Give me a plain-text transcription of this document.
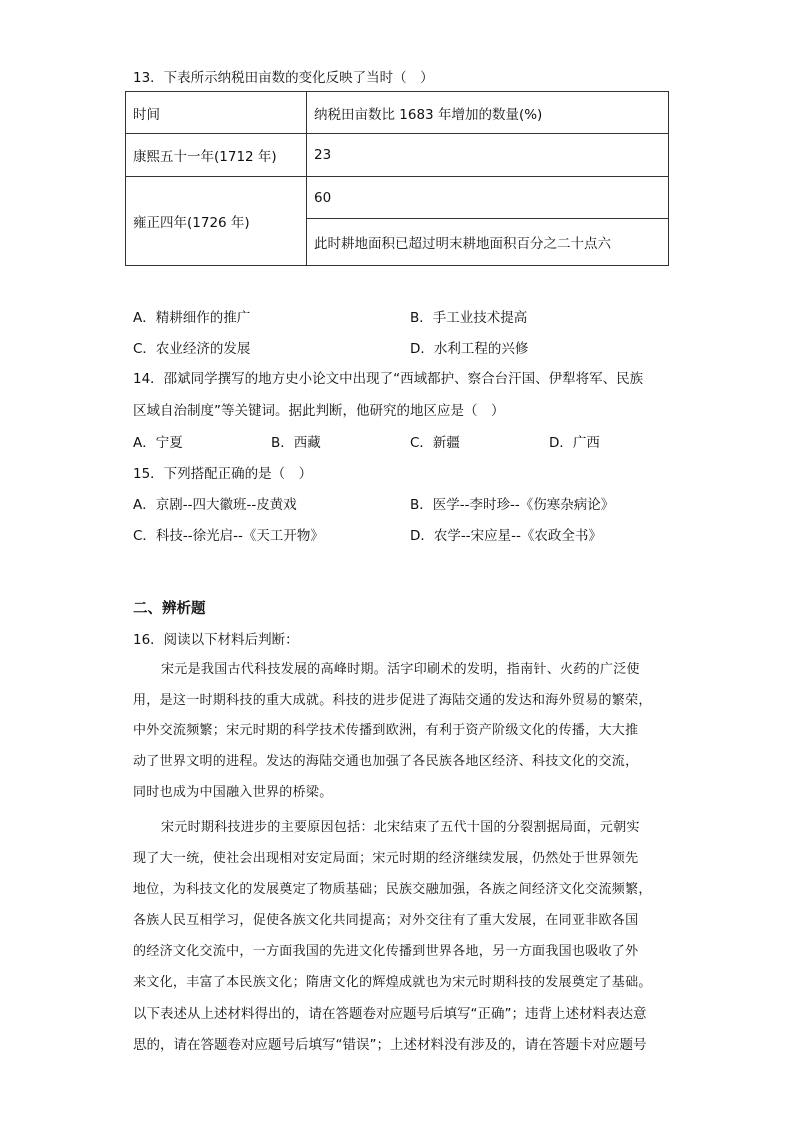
13．下表所示纳税田亩数的变化反映了当时（　）
时间	纳税田亩数比 1683 年增加的数量(%)
康熙五十一年(1712 年)	23
雍正四年(1726 年)	60
	此时耕地面积已超过明末耕地面积百分之二十点六
A．精耕细作的推广	B．手工业技术提高
C．农业经济的发展	D．水利工程的兴修
14．邵斌同学撰写的地方史小论文中出现了“西域都护、察合台汗国、伊犁将军、民族
区域自治制度”等关键词。据此判断，他研究的地区应是（　）
A．宁夏	B．西藏	C．新疆	D．广西
15．下列搭配正确的是（　）
A．京剧--四大徽班--皮黄戏	B．医学--李时珍--《伤寒杂病论》
C．科技--徐光启--《天工开物》	D．农学--宋应星--《农政全书》
二、辨析题
16．阅读以下材料后判断：
宋元是我国古代科技发展的高峰时期。活字印刷术的发明，指南针、火药的广泛使
用，是这一时期科技的重大成就。科技的进步促进了海陆交通的发达和海外贸易的繁荣，
中外交流频繁；宋元时期的科学技术传播到欧洲，有利于资产阶级文化的传播，大大推
动了世界文明的进程。发达的海陆交通也加强了各民族各地区经济、科技文化的交流，
同时也成为中国融入世界的桥梁。
宋元时期科技进步的主要原因包括：北宋结束了五代十国的分裂割据局面，元朝实
现了大一统，使社会出现相对安定局面；宋元时期的经济继续发展，仍然处于世界领先
地位，为科技文化的发展奠定了物质基础；民族交融加强，各族之间经济文化交流频繁，
各族人民互相学习，促使各族文化共同提高；对外交往有了重大发展，在同亚非欧各国
的经济文化交流中，一方面我国的先进文化传播到世界各地，另一方面我国也吸收了外
来文化，丰富了本民族文化；隋唐文化的辉煌成就也为宋元时期科技的发展奠定了基础。
以下表述从上述材料得出的，请在答题卷对应题号后填写“正确”；违背上述材料表达意
思的，请在答题卷对应题号后填写“错误”；上述材料没有涉及的，请在答题卡对应题号
